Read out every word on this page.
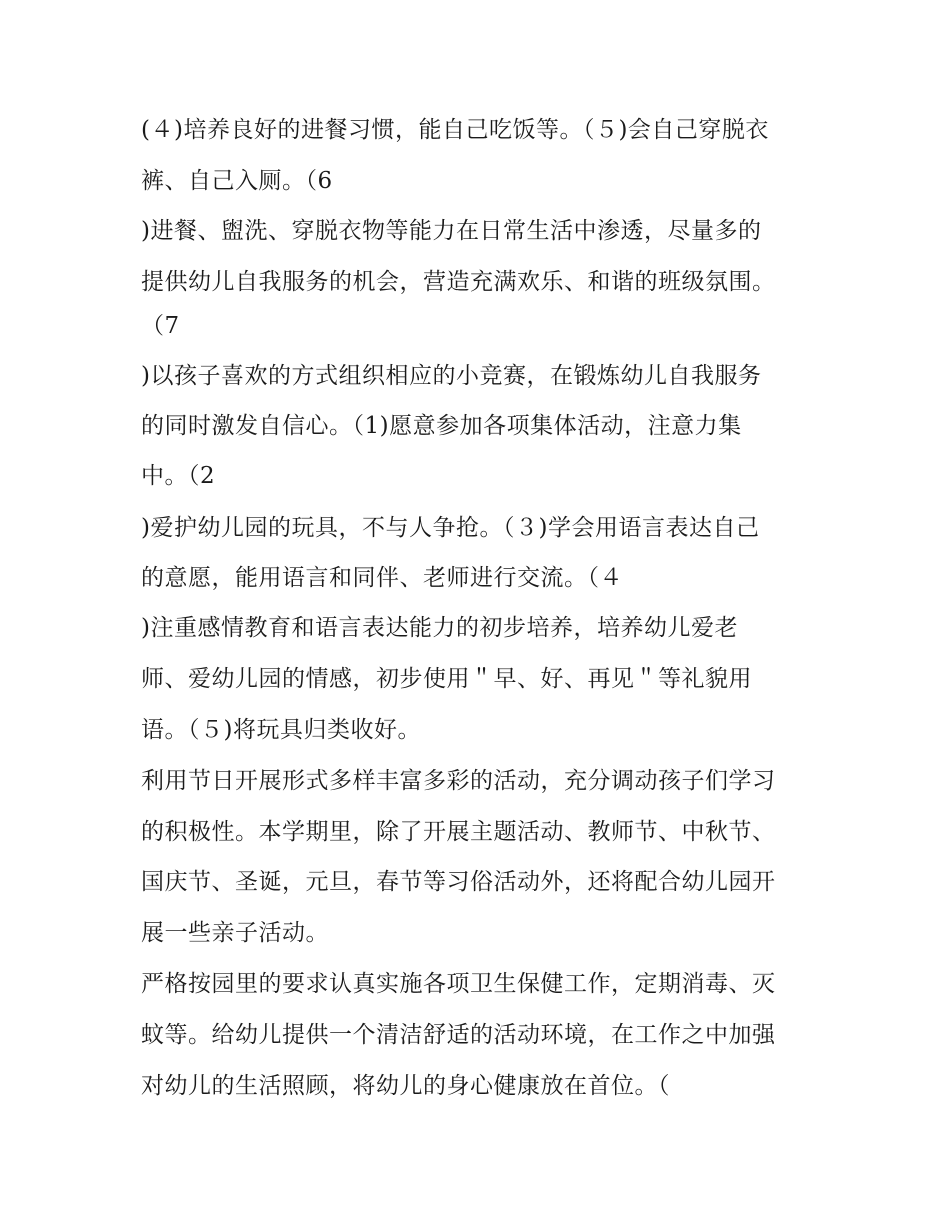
(４)培养良好的进餐习惯，能自己吃饭等。（５)会自己穿脱衣
裤、自己入厕。（6
)进餐、盥洗、穿脱衣物等能力在日常生活中渗透，尽量多的
提供幼儿自我服务的机会，营造充满欢乐、和谐的班级氛围。
（7
)以孩子喜欢的方式组织相应的小竞赛，在锻炼幼儿自我服务
的同时激发自信心。（1)愿意参加各项集体活动，注意力集
中。（2
)爱护幼儿园的玩具，不与人争抢。（３)学会用语言表达自己
的意愿，能用语言和同伴、老师进行交流。（４
)注重感情教育和语言表达能力的初步培养，培养幼儿爱老
师、爱幼儿园的情感，初步使用＂早、好、再见＂等礼貌用
语。（５)将玩具归类收好。
利用节日开展形式多样丰富多彩的活动，充分调动孩子们学习
的积极性。本学期里，除了开展主题活动、教师节、中秋节、
国庆节、圣诞，元旦，春节等习俗活动外，还将配合幼儿园开
展一些亲子活动。
严格按园里的要求认真实施各项卫生保健工作，定期消毒、灭
蚊等。给幼儿提供一个清洁舒适的活动环境，在工作之中加强
对幼儿的生活照顾，将幼儿的身心健康放在首位。（
